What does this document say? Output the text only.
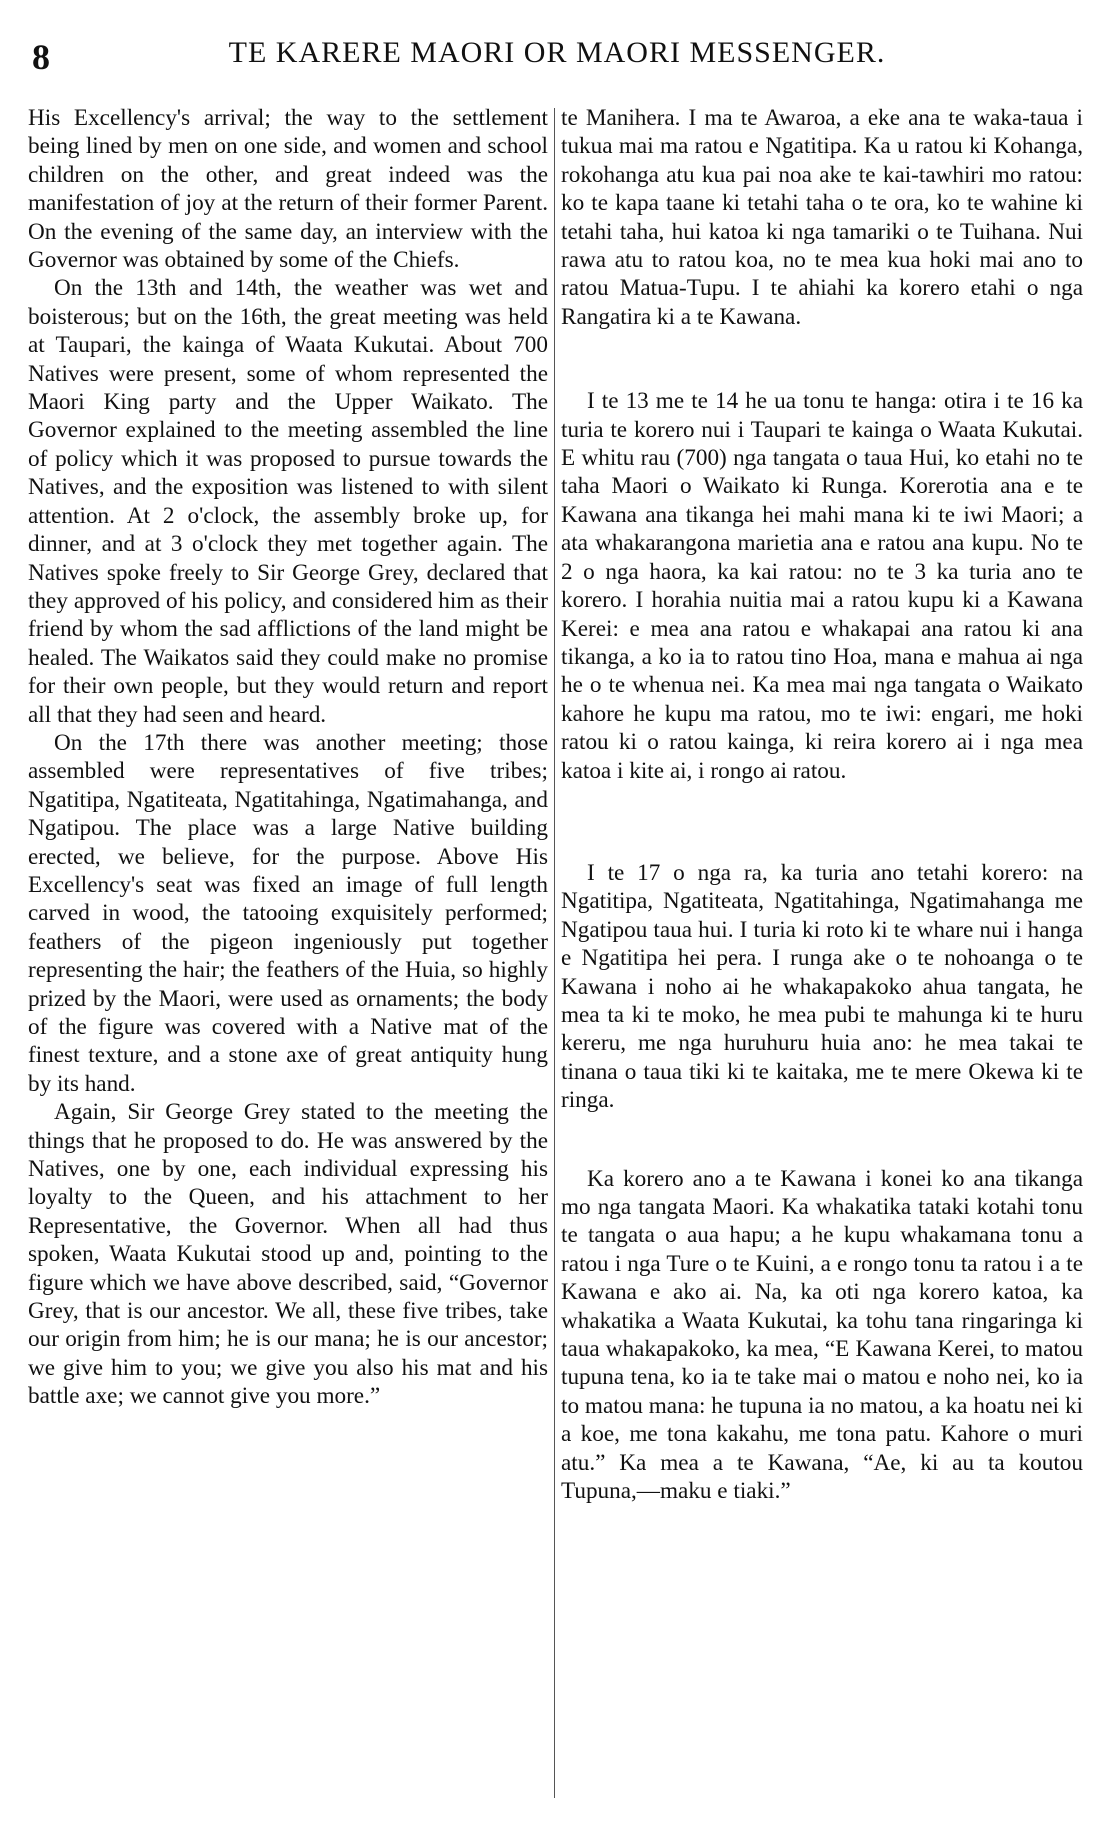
8	TE KARERE MAORI OR MAORI MESSENGER.

His Excellency's arrival; the way to the settlement being lined by men on one side, and women and school children on the other, and great indeed was the manifestation of joy at the return of their former Parent. On the evening of the same day, an interview with the Governor was obtained by some of the Chiefs.

On the 13th and 14th, the weather was wet and boisterous; but on the 16th, the great meeting was held at Taupari, the kainga of Waata Kukutai. About 700 Natives were present, some of whom represented the Maori King party and the Upper Waikato. The Governor explained to the meeting assembled the line of policy which it was proposed to pursue towards the Natives, and the exposition was listened to with silent attention. At 2 o'clock, the assembly broke up, for dinner, and at 3 o'clock they met together again. The Natives spoke freely to Sir George Grey, declared that they approved of his policy, and considered him as their friend by whom the sad afflictions of the land might be healed. The Waikatos said they could make no promise for their own people, but they would return and report all that they had seen and heard.

On the 17th there was another meeting; those assembled were representatives of five tribes; Ngatitipa, Ngatiteata, Ngatitahinga, Ngatimahanga, and Ngatipou. The place was a large Native building erected, we believe, for the purpose. Above His Excellency's seat was fixed an image of full length carved in wood, the tatooing exquisitely performed; feathers of the pigeon ingeniously put together representing the hair; the feathers of the Huia, so highly prized by the Maori, were used as ornaments; the body of the figure was covered with a Native mat of the finest texture, and a stone axe of great antiquity hung by its hand.

Again, Sir George Grey stated to the meeting the things that he proposed to do. He was answered by the Natives, one by one, each individual expressing his loyalty to the Queen, and his attachment to her Representative, the Governor. When all had thus spoken, Waata Kukutai stood up and, pointing to the figure which we have above described, said, “Governor Grey, that is our ancestor. We all, these five tribes, take our origin from him; he is our mana; he is our ancestor; we give him to you; we give you also his mat and his battle axe; we cannot give you more.”

te Manihera. I ma te Awaroa, a eke ana te waka-taua i tukua mai ma ratou e Ngatitipa. Ka u ratou ki Kohanga, rokohanga atu kua pai noa ake te kai-tawhiri mo ratou: ko te kapa taane ki tetahi taha o te ora, ko te wahine ki tetahi taha, hui katoa ki nga tamariki o te Tuihana. Nui rawa atu to ratou koa, no te mea kua hoki mai ano to ratou Matua-Tupu. I te ahiahi ka korero etahi o nga Rangatira ki a te Kawana.

I te 13 me te 14 he ua tonu te hanga: otira i te 16 ka turia te korero nui i Taupari te kainga o Waata Kukutai. E whitu rau (700) nga tangata o taua Hui, ko etahi no te taha Maori o Waikato ki Runga. Korerotia ana e te Kawana ana tikanga hei mahi mana ki te iwi Maori; a ata whakarangona marietia ana e ratou ana kupu. No te 2 o nga haora, ka kai ratou: no te 3 ka turia ano te korero. I horahia nuitia mai a ratou kupu ki a Kawana Kerei: e mea ana ratou e whakapai ana ratou ki ana tikanga, a ko ia to ratou tino Hoa, mana e mahua ai nga he o te whenua nei. Ka mea mai nga tangata o Waikato kahore he kupu ma ratou, mo te iwi: engari, me hoki ratou ki o ratou kainga, ki reira korero ai i nga mea katoa i kite ai, i rongo ai ratou.

I te 17 o nga ra, ka turia ano tetahi korero: na Ngatitipa, Ngatiteata, Ngatitahinga, Ngatimahanga me Ngatipou taua hui. I turia ki roto ki te whare nui i hanga e Ngatitipa hei pera. I runga ake o te nohoanga o te Kawana i noho ai he whakapakoko ahua tangata, he mea ta ki te moko, he mea pubi te mahunga ki te huru kereru, me nga huruhuru huia ano: he mea takai te tinana o taua tiki ki te kaitaka, me te mere Okewa ki te ringa.

Ka korero ano a te Kawana i konei ko ana tikanga mo nga tangata Maori. Ka whakatika tataki kotahi tonu te tangata o aua hapu; a he kupu whakamana tonu a ratou i nga Ture o te Kuini, a e rongo tonu ta ratou i a te Kawana e ako ai. Na, ka oti nga korero katoa, ka whakatika a Waata Kukutai, ka tohu tana ringaringa ki taua whakapakoko, ka mea, “E Kawana Kerei, to matou tupuna tena, ko ia te take mai o matou e noho nei, ko ia to matou mana: he tupuna ia no matou, a ka hoatu nei ki a koe, me tona kakahu, me tona patu. Kahore o muri atu.” Ka mea a te Kawana, “Ae, ki au ta koutou Tupuna,—maku e tiaki.”
